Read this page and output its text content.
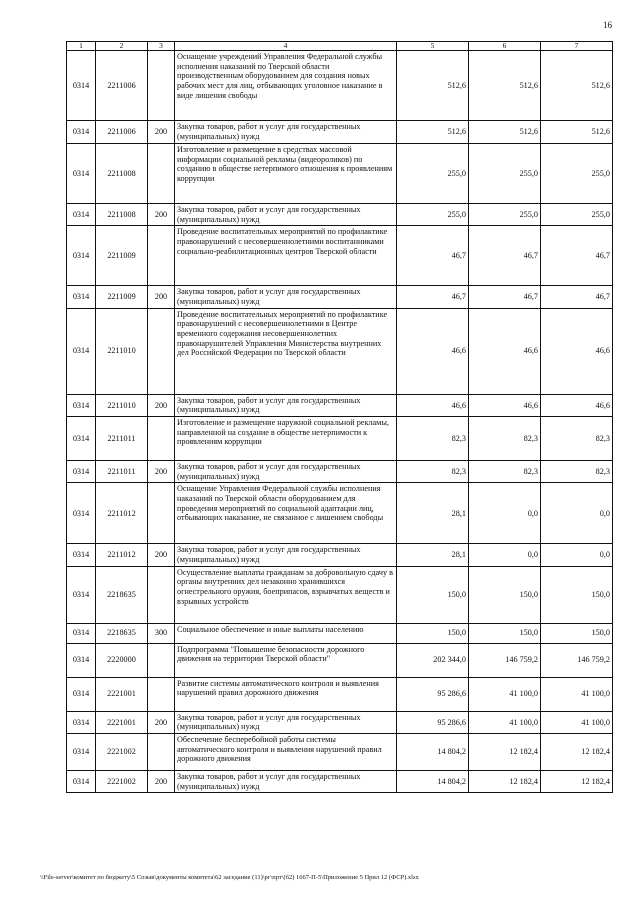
16
1	2	3	4	5	6	7
0314	2211006		Оснащение учреждений Управления Федеральной службы исполнения наказаний по Тверской области производственным оборудованием для создания новых рабочих мест для лиц, отбывающих уголовное наказание в виде лишения свободы	512,6	512,6	512,6
0314	2211006	200	Закупка товаров, работ и услуг для государственных (муниципальных) нужд	512,6	512,6	512,6
0314	2211008		Изготовление и размещение в средствах массовой информации социальной рекламы (видеороликов) по созданию в обществе нетерпимого отношения к проявлениям коррупции	255,0	255,0	255,0
0314	2211008	200	Закупка товаров, работ и услуг для государственных (муниципальных) нужд	255,0	255,0	255,0
0314	2211009		Проведение воспитательных мероприятий по профилактике правонарушений с несовершеннолетними воспитанниками социально-реабилитационных центров Тверской области	46,7	46,7	46,7
0314	2211009	200	Закупка товаров, работ и услуг для государственных (муниципальных) нужд	46,7	46,7	46,7
0314	2211010		Проведение воспитательных мероприятий по профилактике правонарушений с несовершеннолетними в Центре временного содержания несовершеннолетних правонарушителей Управления Министерства внутренних дел Российской Федерации по Тверской области	46,6	46,6	46,6
0314	2211010	200	Закупка товаров, работ и услуг для государственных (муниципальных) нужд	46,6	46,6	46,6
0314	2211011		Изготовление и размещение наружной социальной рекламы, направленной на создание в обществе нетерпимости к проявлениям коррупции	82,3	82,3	82,3
0314	2211011	200	Закупка товаров, работ и услуг для государственных (муниципальных) нужд	82,3	82,3	82,3
0314	2211012		Оснащение Управления Федеральной службы исполнения наказаний по Тверской области оборудованием для проведения мероприятий по социальной адаптации лиц, отбывающих наказание, не связанное с лишением свободы	28,1	0,0	0,0
0314	2211012	200	Закупка товаров, работ и услуг для государственных (муниципальных) нужд	28,1	0,0	0,0
0314	2218635		Осуществление выплаты гражданам за добровольную сдачу в органы внутренних дел незаконно хранившихся огнестрельного оружия, боеприпасов, взрывчатых веществ и взрывных устройств	150,0	150,0	150,0
0314	2218635	300	Социальное обеспечение и иные выплаты населению	150,0	150,0	150,0
0314	2220000		Подпрограмма "Повышение безопасности дорожного движения на территории Тверской области"	202 344,0	146 759,2	146 759,2
0314	2221001		Развитие системы автоматического контроля и выявления нарушений правил дорожного движения	95 286,6	41 100,0	41 100,0
0314	2221001	200	Закупка товаров, работ и услуг для государственных (муниципальных) нужд	95 286,6	41 100,0	41 100,0
0314	2221002		Обеспечение бесперебойной работы системы автоматического контроля и выявления нарушений правил дорожного движения	14 804,2	12 182,4	12 182,4
0314	2221002	200	Закупка товаров, работ и услуг для государственных (муниципальных) нужд	14 804,2	12 182,4	12 182,4
\\File-server\комитет по бюджету\5 Созыв\документы комитета\62 заседание (11)\рг\прт\(62) 1667-П-5\Приложение 5 Прил 12 (ФСР).xlsx
